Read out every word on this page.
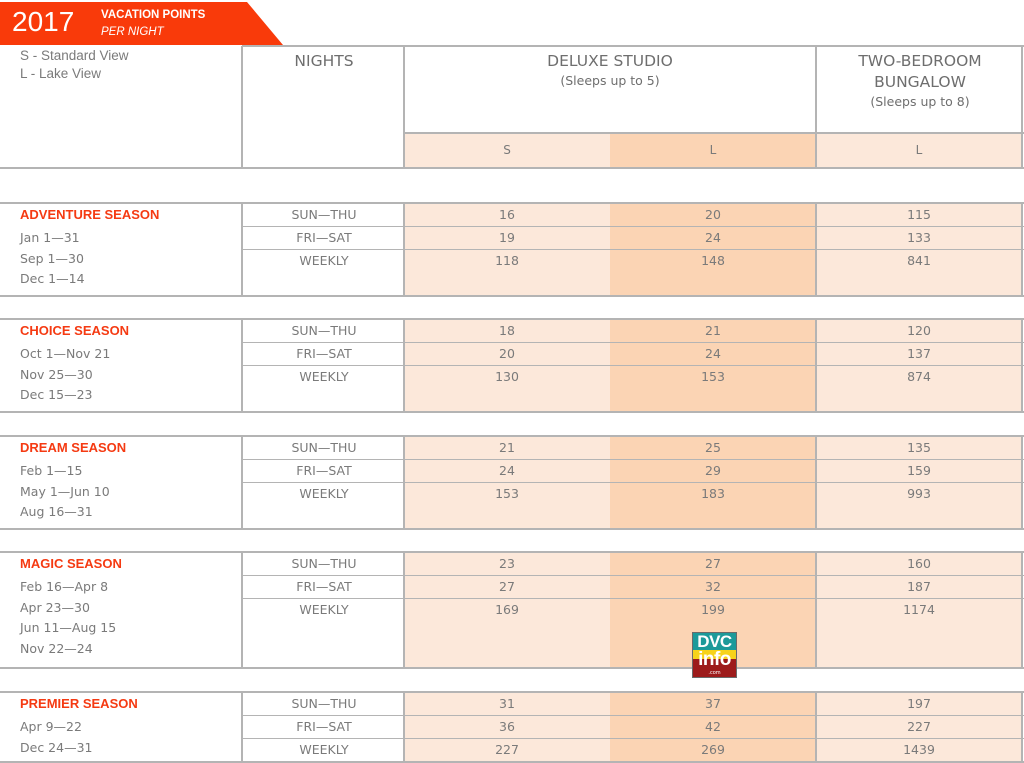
2017 VACATION POINTS
PER NIGHT
S - Standard View
L - Lake View
NIGHTS	DELUXE STUDIO
(Sleeps up to 5)
TWO-BEDROOM
BUNGALOW
(Sleeps up to 8)
S	L	L
ADVENTURE SEASON
Jan 1—31
Sep 1—30
Dec 1—14
SUN—THU	16	20	115
FRI—SAT	19	24	133
WEEKLY	118	148	841
CHOICE SEASON
Oct 1—Nov 21
Nov 25—30
Dec 15—23
SUN—THU	18	21	120
FRI—SAT	20	24	137
WEEKLY	130	153	874
DREAM SEASON
Feb 1—15
May 1—Jun 10
Aug 16—31
SUN—THU	21	25	135
FRI—SAT	24	29	159
WEEKLY	153	183	993
MAGIC SEASON
Feb 16—Apr 8
Apr 23—30
Jun 11—Aug 15
Nov 22—24
SUN—THU	23	27	160
FRI—SAT	27	32	187
WEEKLY	169	199	1174
PREMIER SEASON
Apr 9—22
Dec 24—31
SUN—THU	31	37	197
FRI—SAT	36	42	227
WEEKLY	227	269	1439
DVC
info
.com
